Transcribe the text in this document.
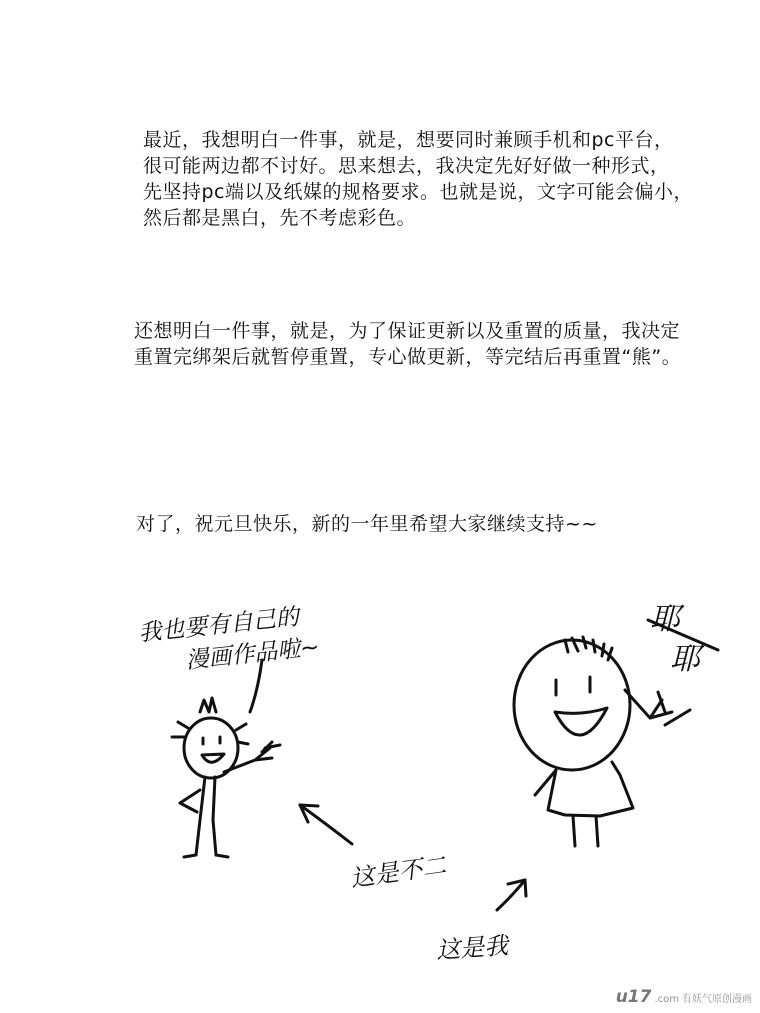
最近，我想明白一件事，就是，想要同时兼顾手机和pc平台，
很可能两边都不讨好。思来想去，我决定先好好做一种形式，
先坚持pc端以及纸媒的规格要求。也就是说，文字可能会偏小，
然后都是黑白，先不考虑彩色。
还想明白一件事，就是，为了保证更新以及重置的质量，我决定
重置完绑架后就暂停重置，专心做更新，等完结后再重置“熊”。
对了，祝元旦快乐，新的一年里希望大家继续支持~~
我也要有自己的
漫画作品啦~
耶
耶
这是不二
这是我
u17 .com 有妖气原创漫画
